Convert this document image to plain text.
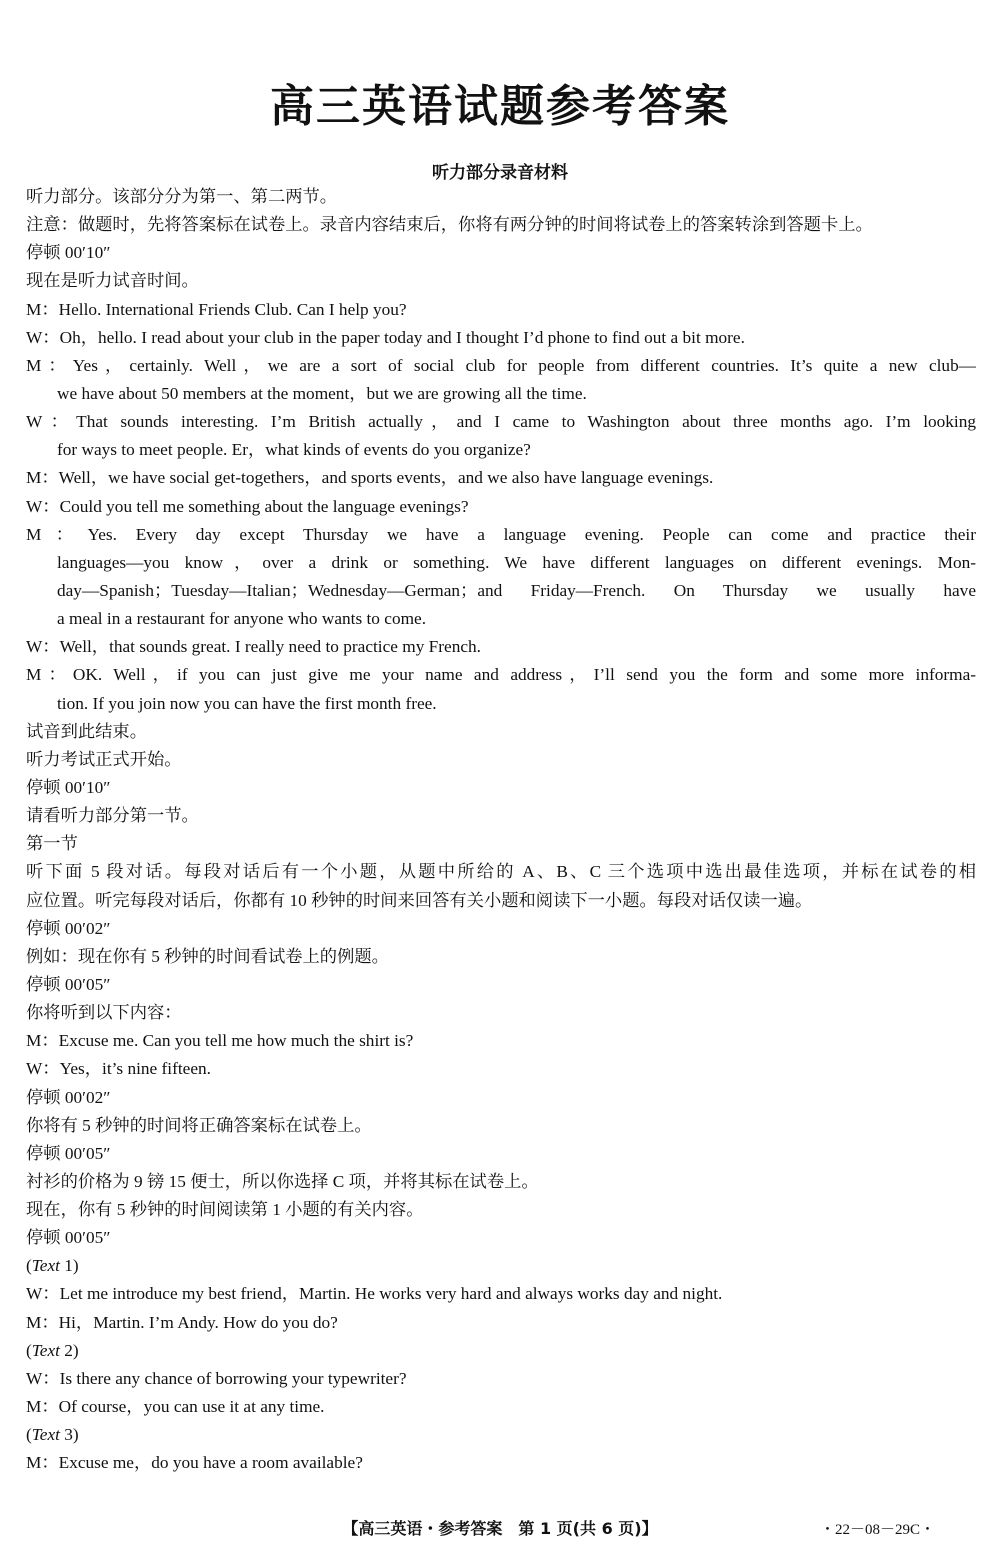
高三英语试题参考答案
听力部分录音材料
听力部分。该部分分为第一、第二两节。
注意：做题时，先将答案标在试卷上。录音内容结束后，你将有两分钟的时间将试卷上的答案转涂到答题卡上。
停顿 00′10″
现在是听力试音时间。
M：Hello. International Friends Club. Can I help you?
W：Oh，hello. I read about your club in the paper today and I thought I’d phone to find out a bit more.
M：Yes，certainly. Well，we are a sort of social club for people from different countries. It’s quite a new club—
we have about 50 members at the moment，but we are growing all the time.
W：That sounds interesting. I’m British actually，and I came to Washington about three months ago. I’m looking
for ways to meet people. Er，what kinds of events do you organize?
M：Well，we have social get-togethers，and sports events，and we also have language evenings.
W：Could you tell me something about the language evenings?
M：Yes. Every day except Thursday we have a language evening. People can come and practice their
languages—you know，over a drink or something. We have different languages on different evenings. Mon-
day—Spanish；Tuesday—Italian；Wednesday—German；and Friday—French. On Thursday we usually have
a meal in a restaurant for anyone who wants to come.
W：Well，that sounds great. I really need to practice my French.
M：OK. Well，if you can just give me your name and address，I’ll send you the form and some more informa-
tion. If you join now you can have the first month free.
试音到此结束。
听力考试正式开始。
停顿 00′10″
请看听力部分第一节。
第一节
听下面 5 段对话。每段对话后有一个小题，从题中所给的 A、B、C 三个选项中选出最佳选项，并标在试卷的相
应位置。听完每段对话后，你都有 10 秒钟的时间来回答有关小题和阅读下一小题。每段对话仅读一遍。
停顿 00′02″
例如：现在你有 5 秒钟的时间看试卷上的例题。
停顿 00′05″
你将听到以下内容：
M：Excuse me. Can you tell me how much the shirt is?
W：Yes，it’s nine fifteen.
停顿 00′02″
你将有 5 秒钟的时间将正确答案标在试卷上。
停顿 00′05″
衬衫的价格为 9 镑 15 便士，所以你选择 C 项，并将其标在试卷上。
现在，你有 5 秒钟的时间阅读第 1 小题的有关内容。
停顿 00′05″
(Text 1)
W：Let me introduce my best friend，Martin. He works very hard and always works day and night.
M：Hi，Martin. I’m Andy. How do you do?
(Text 2)
W：Is there any chance of borrowing your typewriter?
M：Of course，you can use it at any time.
(Text 3)
M：Excuse me，do you have a room available?
【高三英语・参考答案　第 1 页(共 6 页)】	・22－08－29C・
